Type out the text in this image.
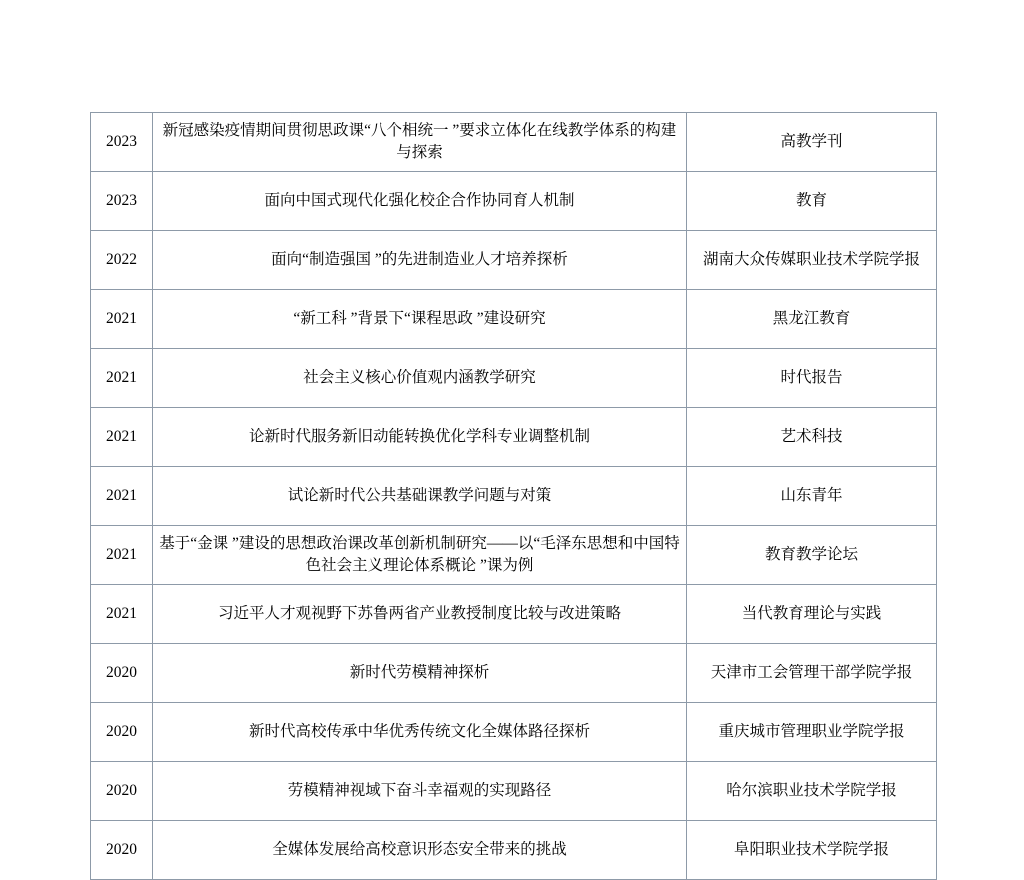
2023	新冠感染疫情期间贯彻思政课“八个相统一 ”要求立体化在线教学体系的构建与探索	高教学刊
2023	面向中国式现代化强化校企合作协同育人机制	教育
2022	面向“制造强国 ”的先进制造业人才培养探析	湖南大众传媒职业技术学院学报
2021	“新工科 ”背景下“课程思政 ”建设研究	黑龙江教育
2021	社会主义核心价值观内涵教学研究	时代报告
2021	论新时代服务新旧动能转换优化学科专业调整机制	艺术科技
2021	试论新时代公共基础课教学问题与对策	山东青年
2021	基于“金课 ”建设的思想政治课改革创新机制研究——以“毛泽东思想和中国特色社会主义理论体系概论 ”课为例	教育教学论坛
2021	习近平人才观视野下苏鲁两省产业教授制度比较与改进策略	当代教育理论与实践
2020	新时代劳模精神探析	天津市工会管理干部学院学报
2020	新时代高校传承中华优秀传统文化全媒体路径探析	重庆城市管理职业学院学报
2020	劳模精神视域下奋斗幸福观的实现路径	哈尔滨职业技术学院学报
2020	全媒体发展给高校意识形态安全带来的挑战	阜阳职业技术学院学报
